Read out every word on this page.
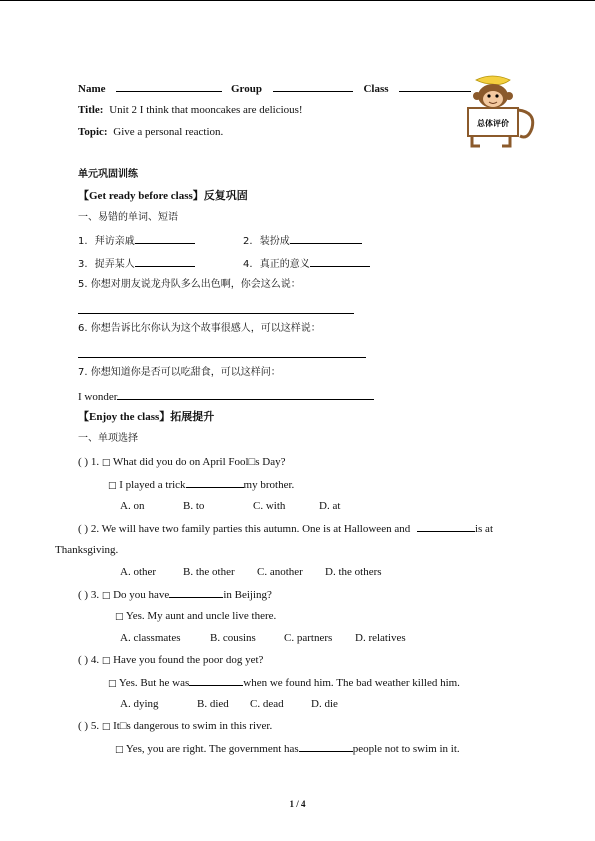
Name	Group	Class
Title: Unit 2 I think that mooncakes are delicious!
Topic: Give a personal reaction.
总体评价
单元巩固训练
【Get ready before class】反复巩固
一、易错的单词、短语
1. 拜访亲戚	2. 装扮成
3. 捉弄某人	4. 真正的意义
5. 你想对朋友说龙舟队多么出色啊，你会这么说：
6. 你想告诉比尔你认为这个故事很感人，可以这样说：
7. 你想知道你是否可以吃甜食，可以这样问：
I wonder
【Enjoy the class】拓展提升
一、单项选择
( ) 1. □ What did you do on April Fool□s Day?
□ I played a trick	my brother.
A. on	B. to	C. with	D. at
( ) 2. We will have two family parties this autumn. One is at Halloween and	is at
Thanksgiving.
A. other B. the other C. another D. the others
( ) 3. □ Do you have	in Beijing?
□ Yes. My aunt and uncle live there.
A. classmates	B. cousins	C. partners D. relatives
( ) 4. □ Have you found the poor dog yet?
□ Yes. But he was	when we found him. The bad weather killed him.
A. dying	B. died C. dead D. die
( ) 5. □ It□s dangerous to swim in this river.
□ Yes, you are right. The government has	people not to swim in it.
1 / 4
